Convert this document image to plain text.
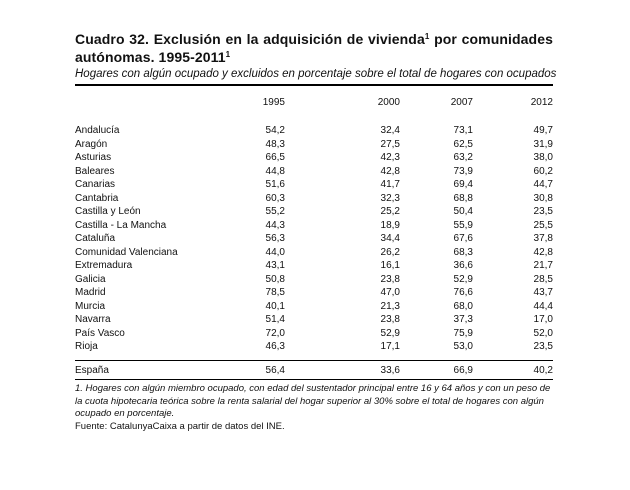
Cuadro 32. Exclusión en la adquisición de vivienda$^1$ por comunidades autónomas. 1995-2011$^1$

Hogares con algún ocupado y excluidos en porcentaje sobre el total de hogares con ocupados

	1995	2000	2007	2012

Andalucía	54,2	32,4	73,1	49,7
Aragón	48,3	27,5	62,5	31,9
Asturias	66,5	42,3	63,2	38,0
Baleares	44,8	42,8	73,9	60,2
Canarias	51,6	41,7	69,4	44,7
Cantabria	60,3	32,3	68,8	30,8
Castilla y León	55,2	25,2	50,4	23,5
Castilla - La Mancha	44,3	18,9	55,9	25,5
Cataluña	56,3	34,4	67,6	37,8
Comunidad Valenciana	44,0	26,2	68,3	42,8
Extremadura	43,1	16,1	36,6	21,7
Galicia	50,8	23,8	52,9	28,5
Madrid	78,5	47,0	76,6	43,7
Murcia	40,1	21,3	68,0	44,4
Navarra	51,4	23,8	37,3	17,0
País Vasco	72,0	52,9	75,9	52,0
Rioja	46,3	17,1	53,0	23,5

España	56,4	33,6	66,9	40,2

1. Hogares con algún miembro ocupado, con edad del sustentador principal entre 16 y 64 años y con un peso de la cuota hipotecaria teórica sobre la renta salarial del hogar superior al 30% sobre el total de hogares con algún ocupado en porcentaje.

Fuente: CatalunyaCaixa a partir de datos del INE.
